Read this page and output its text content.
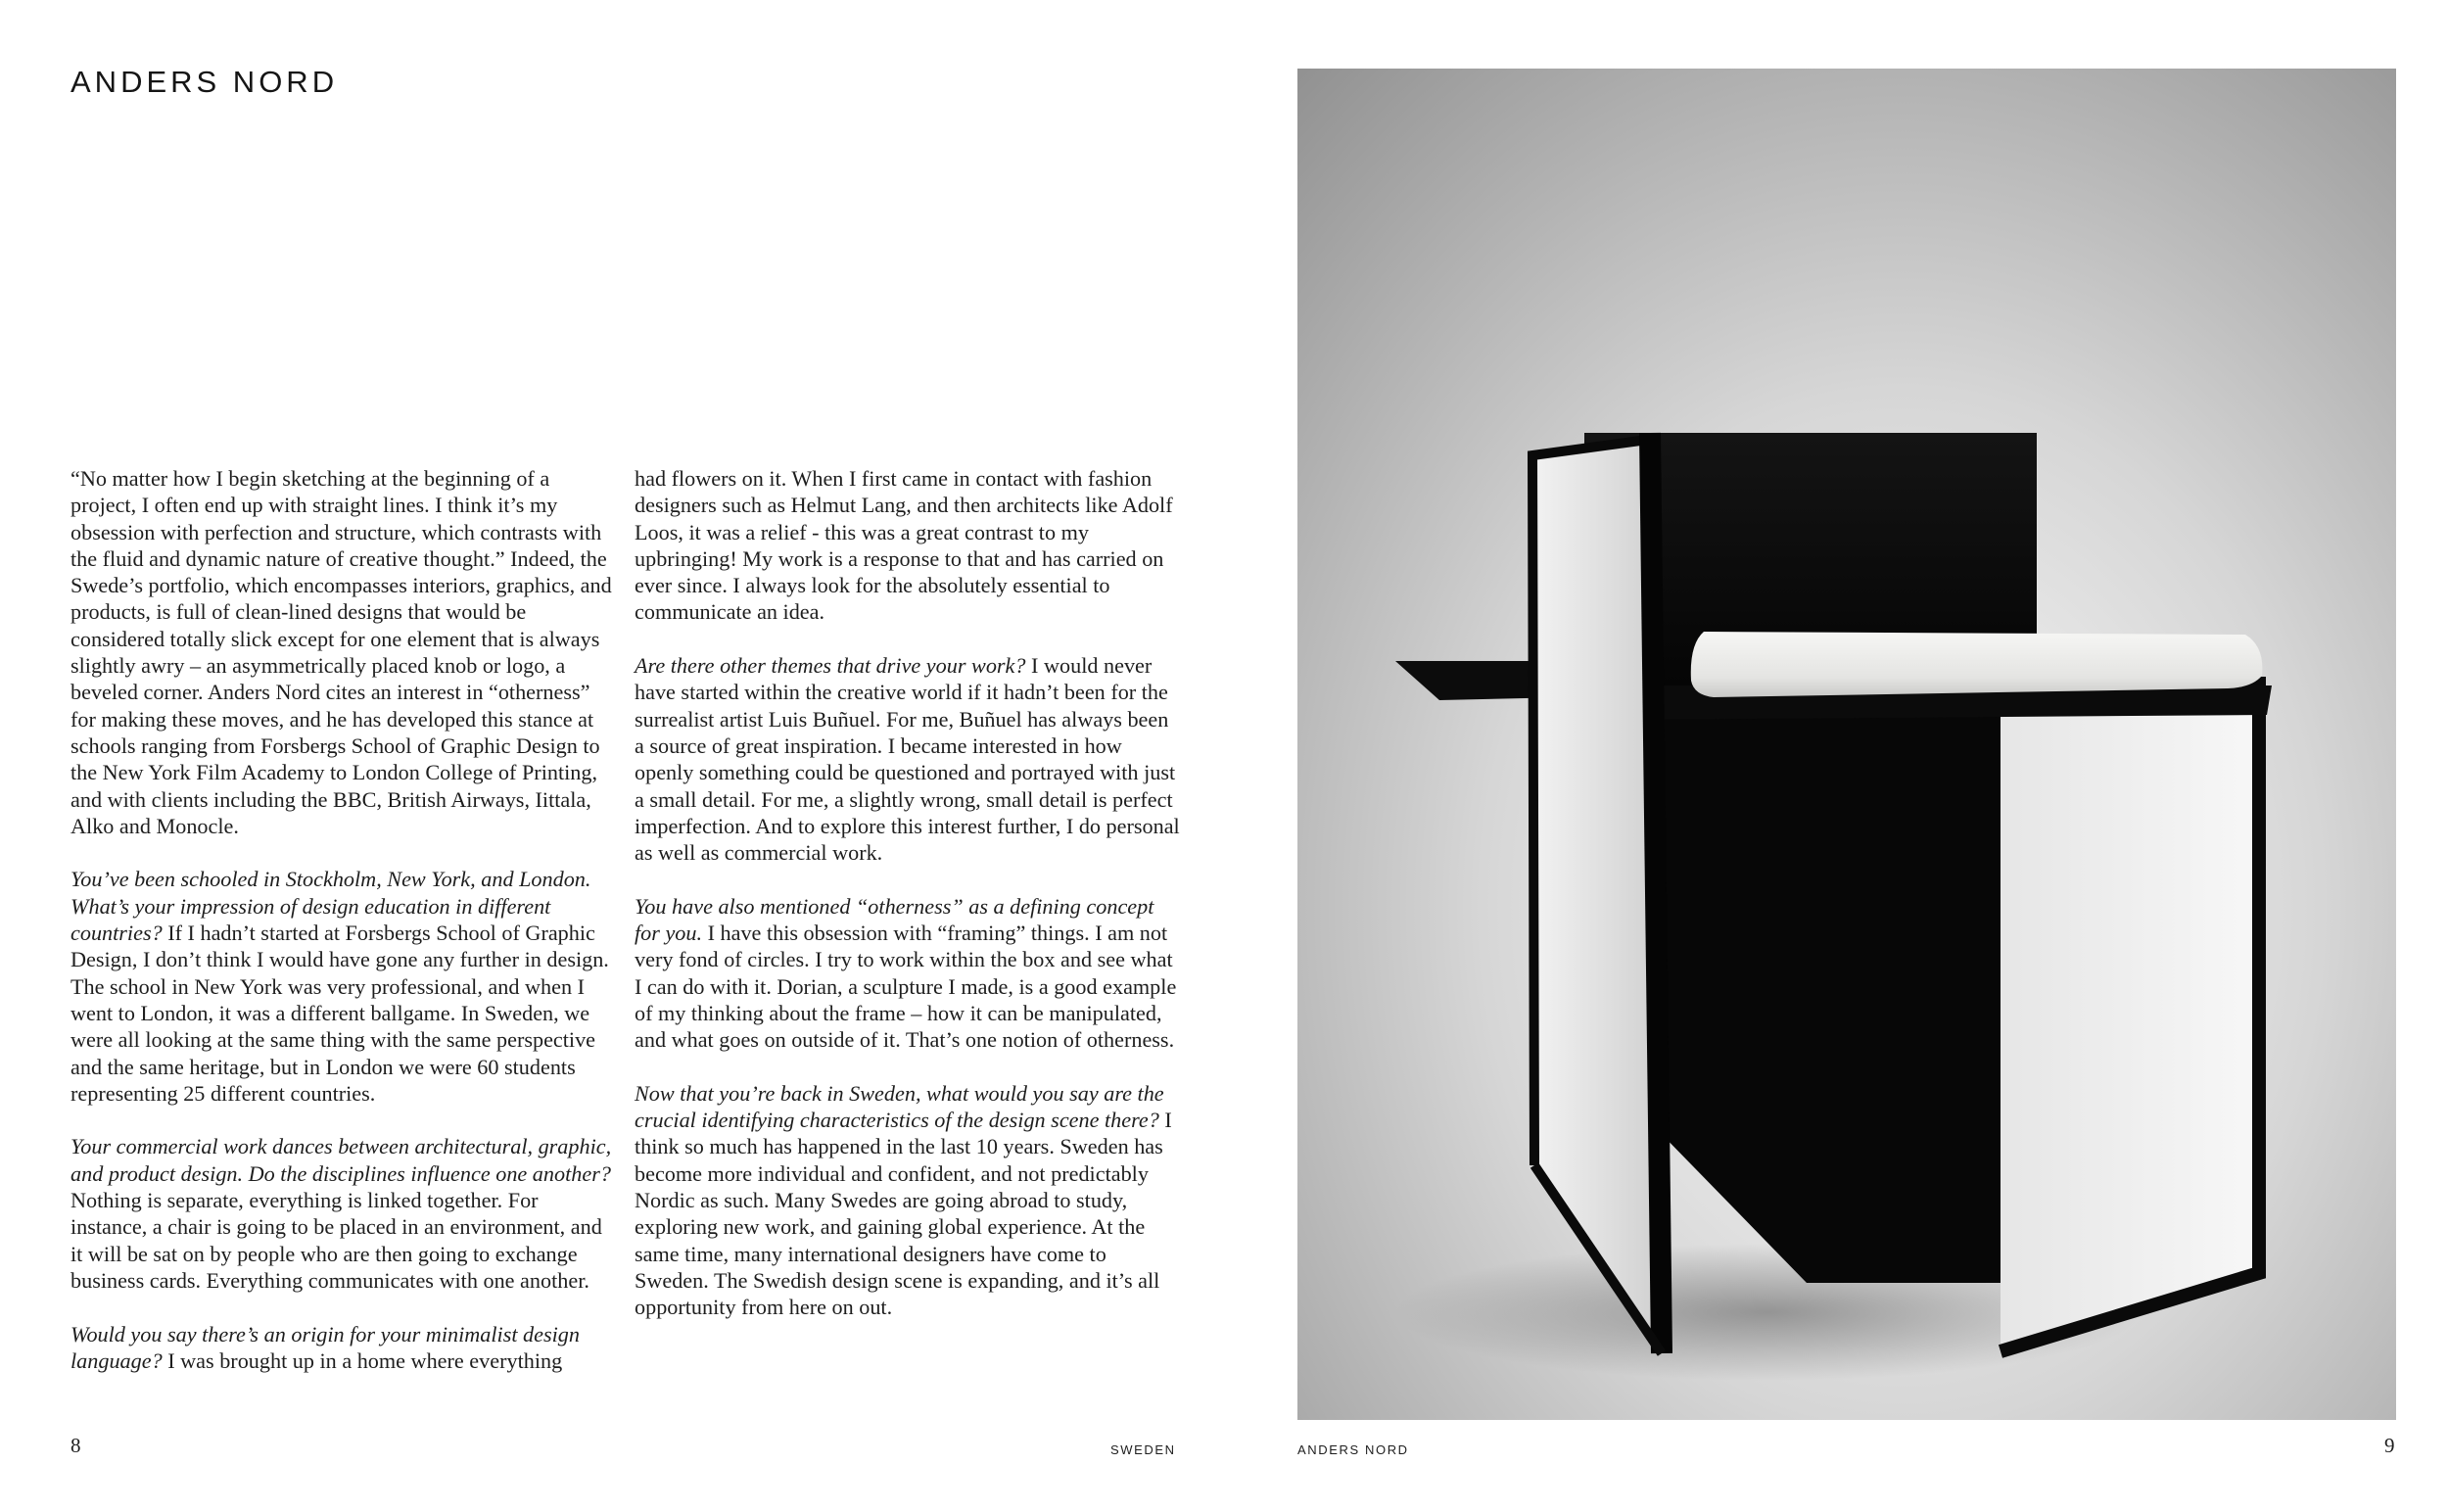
ANDERS NORD

“No matter how I begin sketching at the beginning of a project, I often end up with straight lines. I think it’s my obsession with perfection and structure, which contrasts with the fluid and dynamic nature of creative thought.” Indeed, the Swede’s portfolio, which encompasses interiors, graphics, and products, is full of clean-lined designs that would be considered totally slick except for one element that is always slightly awry – an asymmetrically placed knob or logo, a beveled corner. Anders Nord cites an interest in “otherness” for making these moves, and he has developed this stance at schools ranging from Forsbergs School of Graphic Design to the New York Film Academy to London College of Printing, and with clients including the BBC, British Airways, Iittala, Alko and Monocle.

You’ve been schooled in Stockholm, New York, and London. What’s your impression of design education in different countries? If I hadn’t started at Forsbergs School of Graphic Design, I don’t think I would have gone any further in design. The school in New York was very professional, and when I went to London, it was a different ballgame. In Sweden, we were all looking at the same thing with the same perspective and the same heritage, but in London we were 60 students representing 25 different countries.

Your commercial work dances between architectural, graphic, and product design. Do the disciplines influence one another? Nothing is separate, everything is linked together. For instance, a chair is going to be placed in an environment, and it will be sat on by people who are then going to exchange business cards. Everything communicates with one another.

Would you say there’s an origin for your minimalist design language? I was brought up in a home where everything

had flowers on it. When I first came in contact with fashion designers such as Helmut Lang, and then architects like Adolf Loos, it was a relief - this was a great contrast to my upbringing! My work is a response to that and has carried on ever since. I always look for the absolutely essential to communicate an idea.

Are there other themes that drive your work? I would never have started within the creative world if it hadn’t been for the surrealist artist Luis Buñuel. For me, Buñuel has always been a source of great inspiration. I became interested in how openly something could be questioned and portrayed with just a small detail. For me, a slightly wrong, small detail is perfect imperfection. And to explore this interest further, I do personal as well as commercial work.

You have also mentioned “otherness” as a defining concept for you. I have this obsession with “framing” things. I am not very fond of circles. I try to work within the box and see what I can do with it. Dorian, a sculpture I made, is a good example of my thinking about the frame – how it can be manipulated, and what goes on outside of it. That’s one notion of otherness.

Now that you’re back in Sweden, what would you say are the crucial identifying characteristics of the design scene there? I think so much has happened in the last 10 years. Sweden has become more individual and confident, and not predictably Nordic as such. Many Swedes are going abroad to study, exploring new work, and gaining global experience. At the same time, many international designers have come to Sweden. The Swedish design scene is expanding, and it’s all opportunity from here on out.

8	SWEDEN	ANDERS NORD	9
